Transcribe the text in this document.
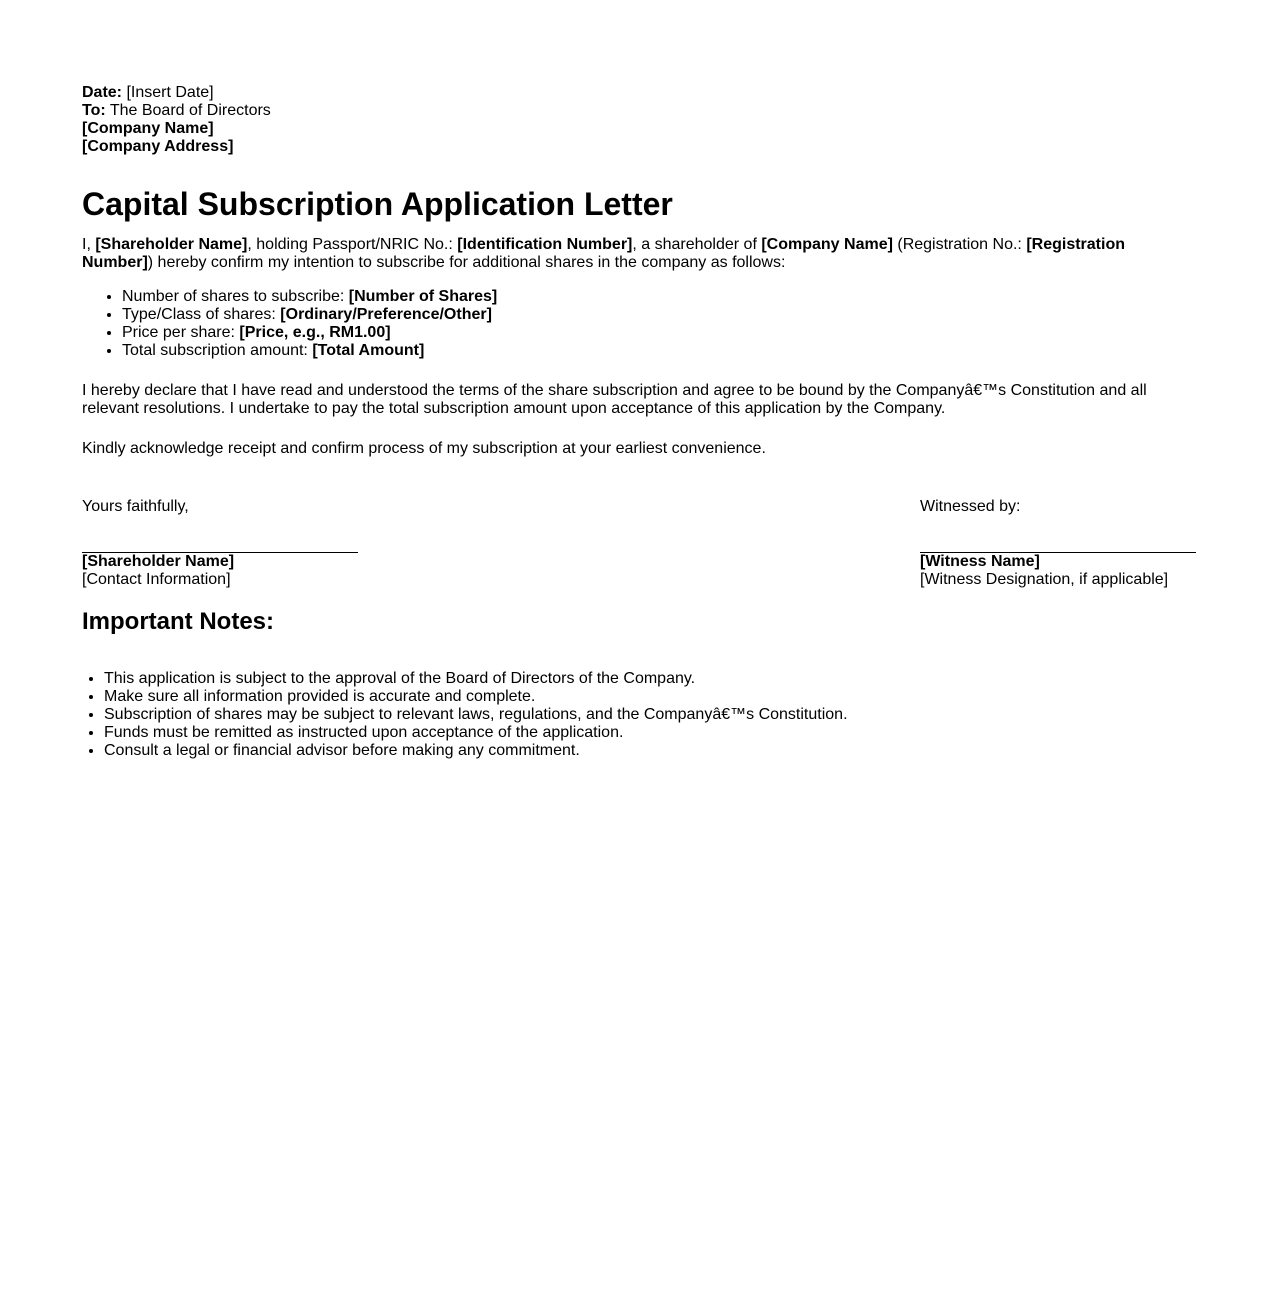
Date: [Insert Date]
To: The Board of Directors
[Company Name]
[Company Address]
Capital Subscription Application Letter

I, [Shareholder Name], holding Passport/NRIC No.: [Identification Number], a shareholder of [Company Name] (Registration No.: [Registration Number]) hereby confirm my intention to subscribe for additional shares in the company as follows:

• Number of shares to subscribe: [Number of Shares]
• Type/Class of shares: [Ordinary/Preference/Other]
• Price per share: [Price, e.g., RM1.00]
• Total subscription amount: [Total Amount]

I hereby declare that I have read and understood the terms of the share subscription and agree to be bound by the Companyâ€™s Constitution and all relevant resolutions. I undertake to pay the total subscription amount upon acceptance of this application by the Company.

Kindly acknowledge receipt and confirm process of my subscription at your earliest convenience.

Yours faithfully,
[Shareholder Name]
[Contact Information]
Witnessed by:
[Witness Name]
[Witness Designation, if applicable]
Important Notes:
• This application is subject to the approval of the Board of Directors of the Company.
• Make sure all information provided is accurate and complete.
• Subscription of shares may be subject to relevant laws, regulations, and the Companyâ€™s Constitution.
• Funds must be remitted as instructed upon acceptance of the application.
• Consult a legal or financial advisor before making any commitment.
